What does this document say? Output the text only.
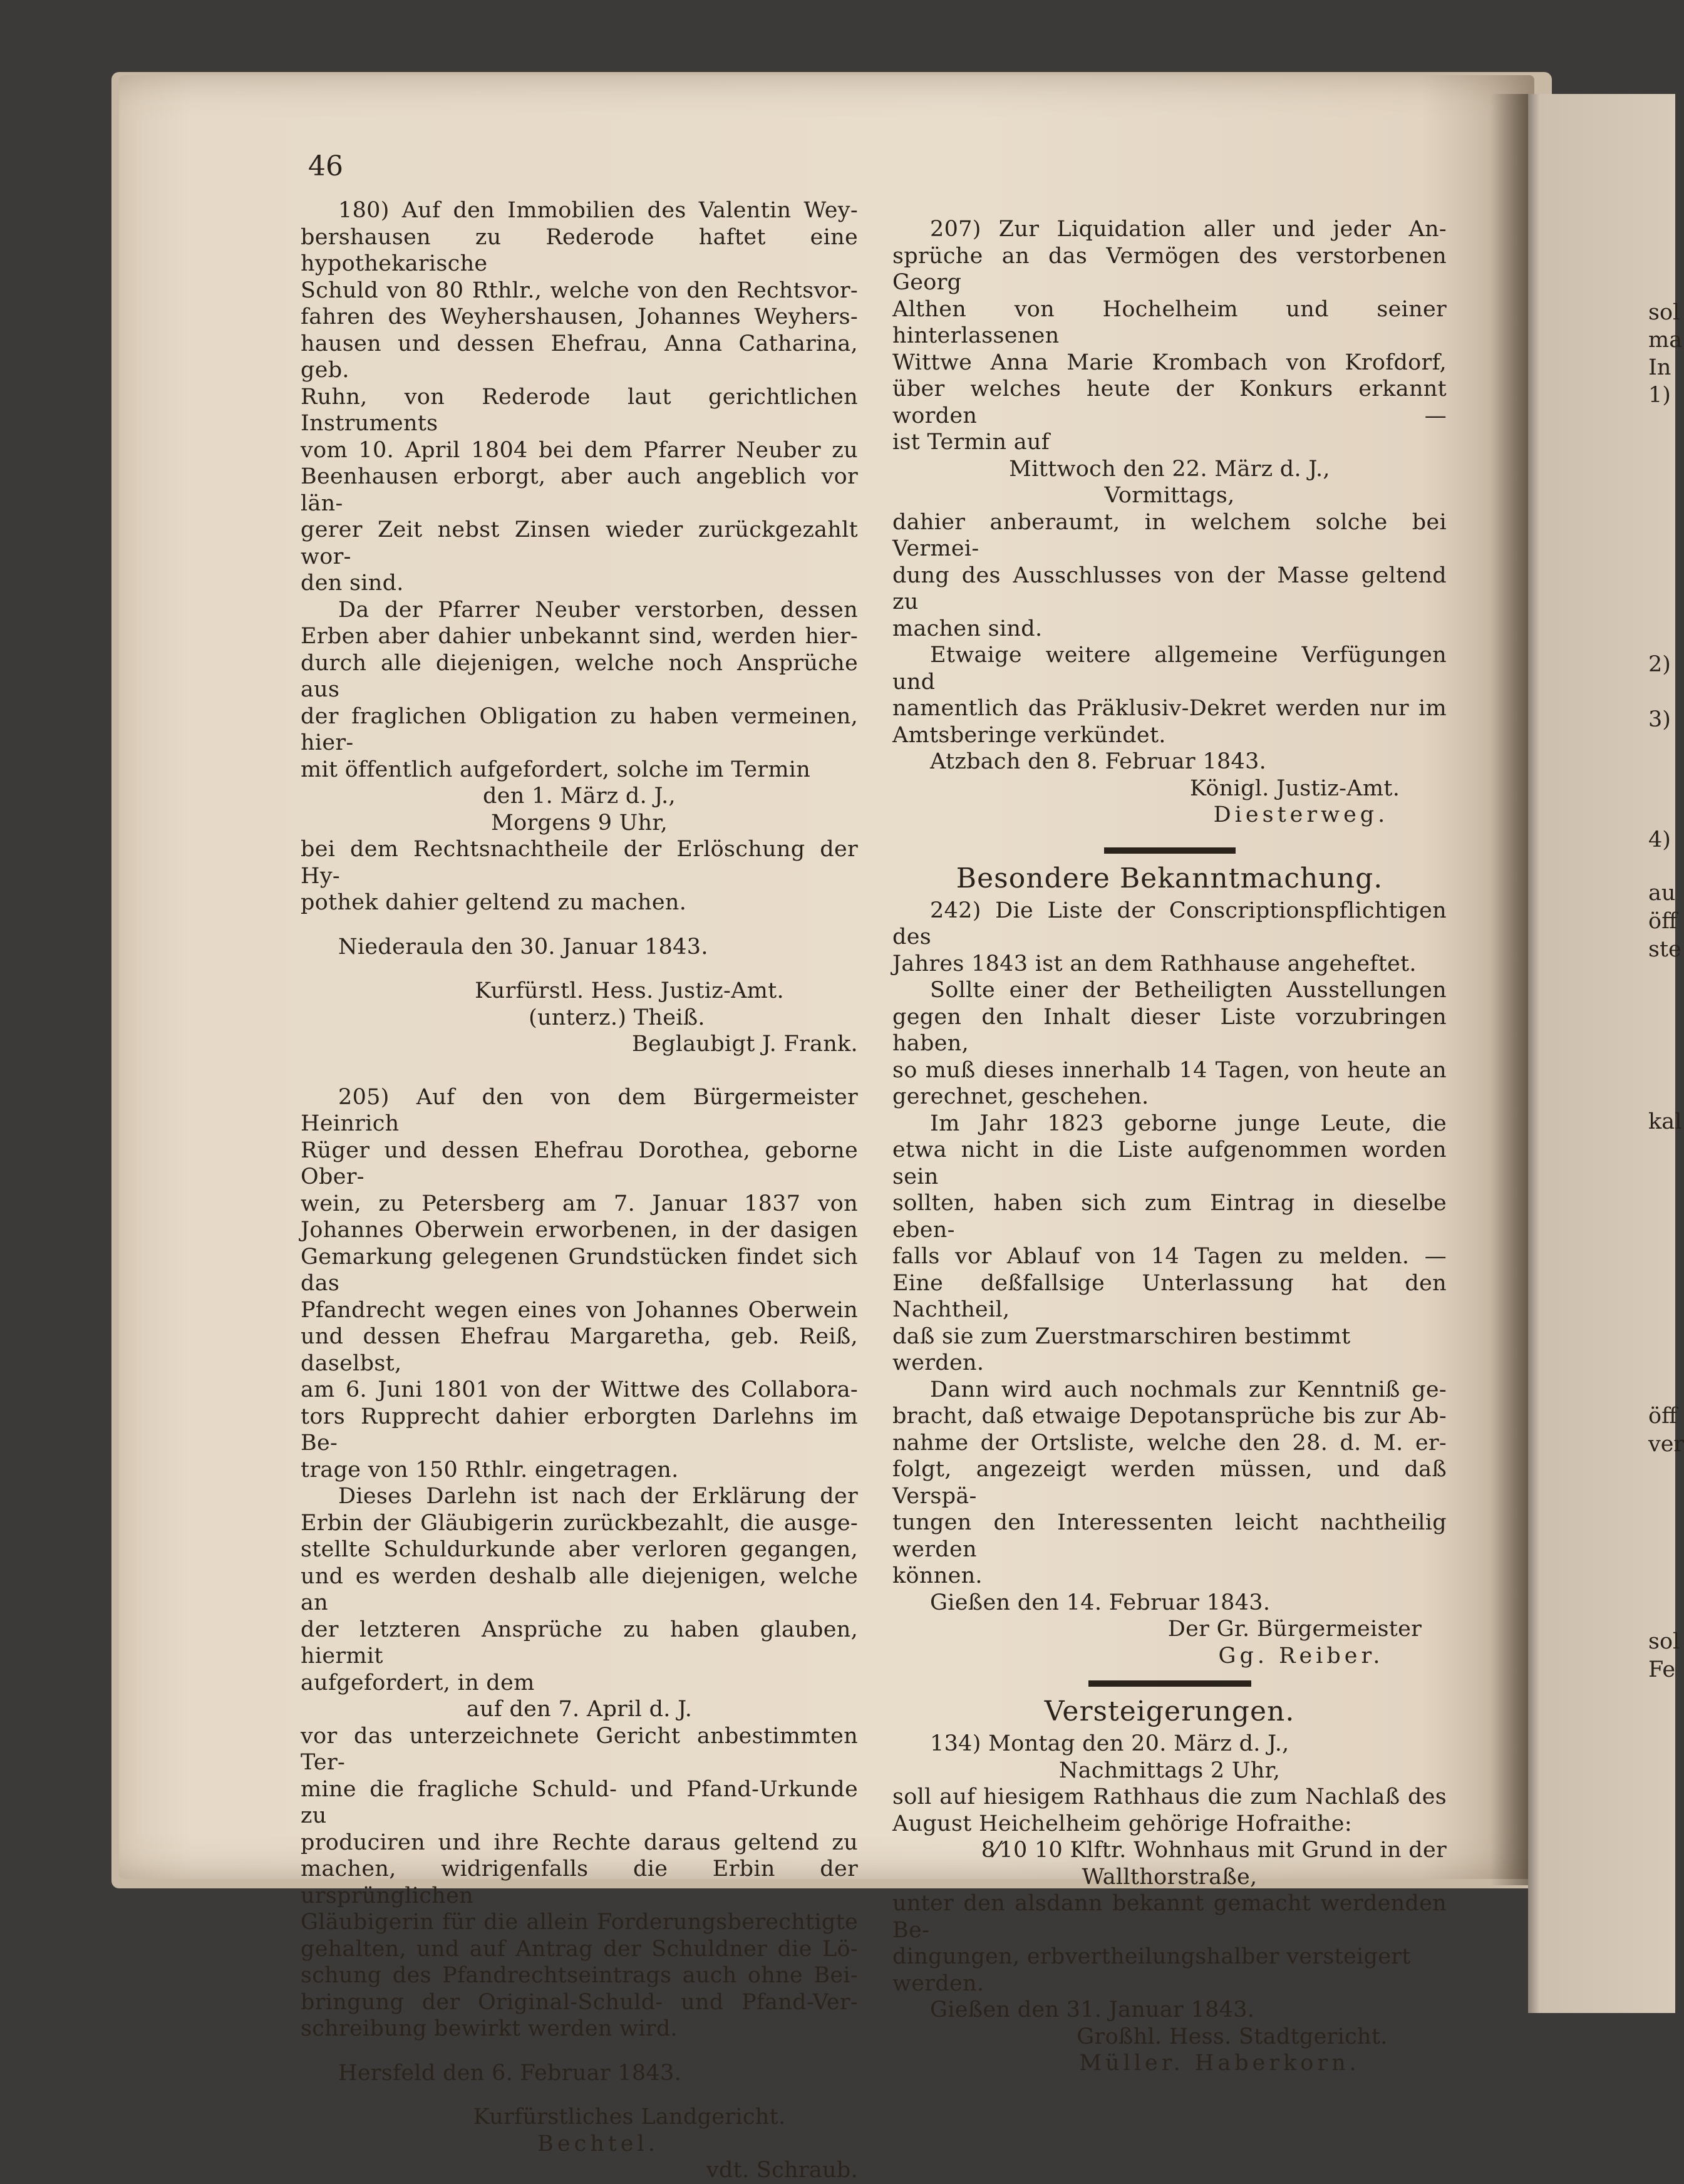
46

180) Auf den Immobilien des Valentin Wey-

bershausen zu Rederode haftet eine hypothekarische

Schuld von 80 Rthlr., welche von den Rechtsvor-

fahren des Weyhershausen, Johannes Weyhers-

hausen und dessen Ehefrau, Anna Catharina, geb.

Ruhn, von Rederode laut gerichtlichen Instruments

vom 10. April 1804 bei dem Pfarrer Neuber zu

Beenhausen erborgt, aber auch angeblich vor län-

gerer Zeit nebst Zinsen wieder zurückgezahlt wor-

den sind.

Da der Pfarrer Neuber verstorben, dessen

Erben aber dahier unbekannt sind, werden hier-

durch alle diejenigen, welche noch Ansprüche aus

der fraglichen Obligation zu haben vermeinen, hier-

mit öffentlich aufgefordert, solche im Termin

den 1. März d. J.,

Morgens 9 Uhr,

bei dem Rechtsnachtheile der Erlöschung der Hy-

pothek dahier geltend zu machen.

Niederaula den 30. Januar 1843.

Kurfürstl. Hess. Justiz-Amt.

(unterz.) Theiß.

Beglaubigt J. Frank.

205) Auf den von dem Bürgermeister Heinrich

Rüger und dessen Ehefrau Dorothea, geborne Ober-

wein, zu Petersberg am 7. Januar 1837 von

Johannes Oberwein erworbenen, in der dasigen

Gemarkung gelegenen Grundstücken findet sich das

Pfandrecht wegen eines von Johannes Oberwein

und dessen Ehefrau Margaretha, geb. Reiß, daselbst,

am 6. Juni 1801 von der Wittwe des Collabora-

tors Rupprecht dahier erborgten Darlehns im Be-

trage von 150 Rthlr. eingetragen.

Dieses Darlehn ist nach der Erklärung der

Erbin der Gläubigerin zurückbezahlt, die ausge-

stellte Schuldurkunde aber verloren gegangen,

und es werden deshalb alle diejenigen, welche an

der letzteren Ansprüche zu haben glauben, hiermit

aufgefordert, in dem

auf den 7. April d. J.

vor das unterzeichnete Gericht anbestimmten Ter-

mine die fragliche Schuld- und Pfand-Urkunde zu

produciren und ihre Rechte daraus geltend zu

machen, widrigenfalls die Erbin der ursprünglichen

Gläubigerin für die allein Forderungsberechtigte

gehalten, und auf Antrag der Schuldner die Lö-

schung des Pfandrechtseintrags auch ohne Bei-

bringung der Original-Schuld- und Pfand-Ver-

schreibung bewirkt werden wird.

Hersfeld den 6. Februar 1843.

Kurfürstliches Landgericht.

Bechtel.

vdt. Schraub.

207) Zur Liquidation aller und jeder An-

sprüche an das Vermögen des verstorbenen Georg

Althen von Hochelheim und seiner hinterlassenen

Wittwe Anna Marie Krombach von Krofdorf,

über welches heute der Konkurs erkannt worden —

ist Termin auf

Mittwoch den 22. März d. J.,

Vormittags,

dahier anberaumt, in welchem solche bei Vermei-

dung des Ausschlusses von der Masse geltend zu

machen sind.

Etwaige weitere allgemeine Verfügungen und

namentlich das Präklusiv-Dekret werden nur im

Amtsberinge verkündet.

Atzbach den 8. Februar 1843.

Königl. Justiz-Amt.

Diesterweg.

Besondere Bekanntmachung.

242) Die Liste der Conscriptionspflichtigen des

Jahres 1843 ist an dem Rathhause angeheftet.

Sollte einer der Betheiligten Ausstellungen

gegen den Inhalt dieser Liste vorzubringen haben,

so muß dieses innerhalb 14 Tagen, von heute an

gerechnet, geschehen.

Im Jahr 1823 geborne junge Leute, die

etwa nicht in die Liste aufgenommen worden sein

sollten, haben sich zum Eintrag in dieselbe eben-

falls vor Ablauf von 14 Tagen zu melden. —

Eine deßfallsige Unterlassung hat den Nachtheil,

daß sie zum Zuerstmarschiren bestimmt werden.

Dann wird auch nochmals zur Kenntniß ge-

bracht, daß etwaige Depotansprüche bis zur Ab-

nahme der Ortsliste, welche den 28. d. M. er-

folgt, angezeigt werden müssen, und daß Verspä-

tungen den Interessenten leicht nachtheilig werden

können.

Gießen den 14. Februar 1843.

Der Gr. Bürgermeister

Gg. Reiber.

Versteigerungen.

134) Montag den 20. März d. J.,

Nachmittags 2 Uhr,

soll auf hiesigem Rathhaus die zum Nachlaß des

August Heichelheim gehörige Hofraithe:

8⁄10 10 Klftr. Wohnhaus mit Grund in der

Wallthorstraße,

unter den alsdann bekannt gemacht werdenden Be-

dingungen, erbvertheilungshalber versteigert werden.

Gießen den 31. Januar 1843.

Großhl. Hess. Stadtgericht.

Müller. Haberkorn.

sol
ma
In
1)
2)
3)
4)
au
öff
ste
kal
öff
ver
sol
Fe
